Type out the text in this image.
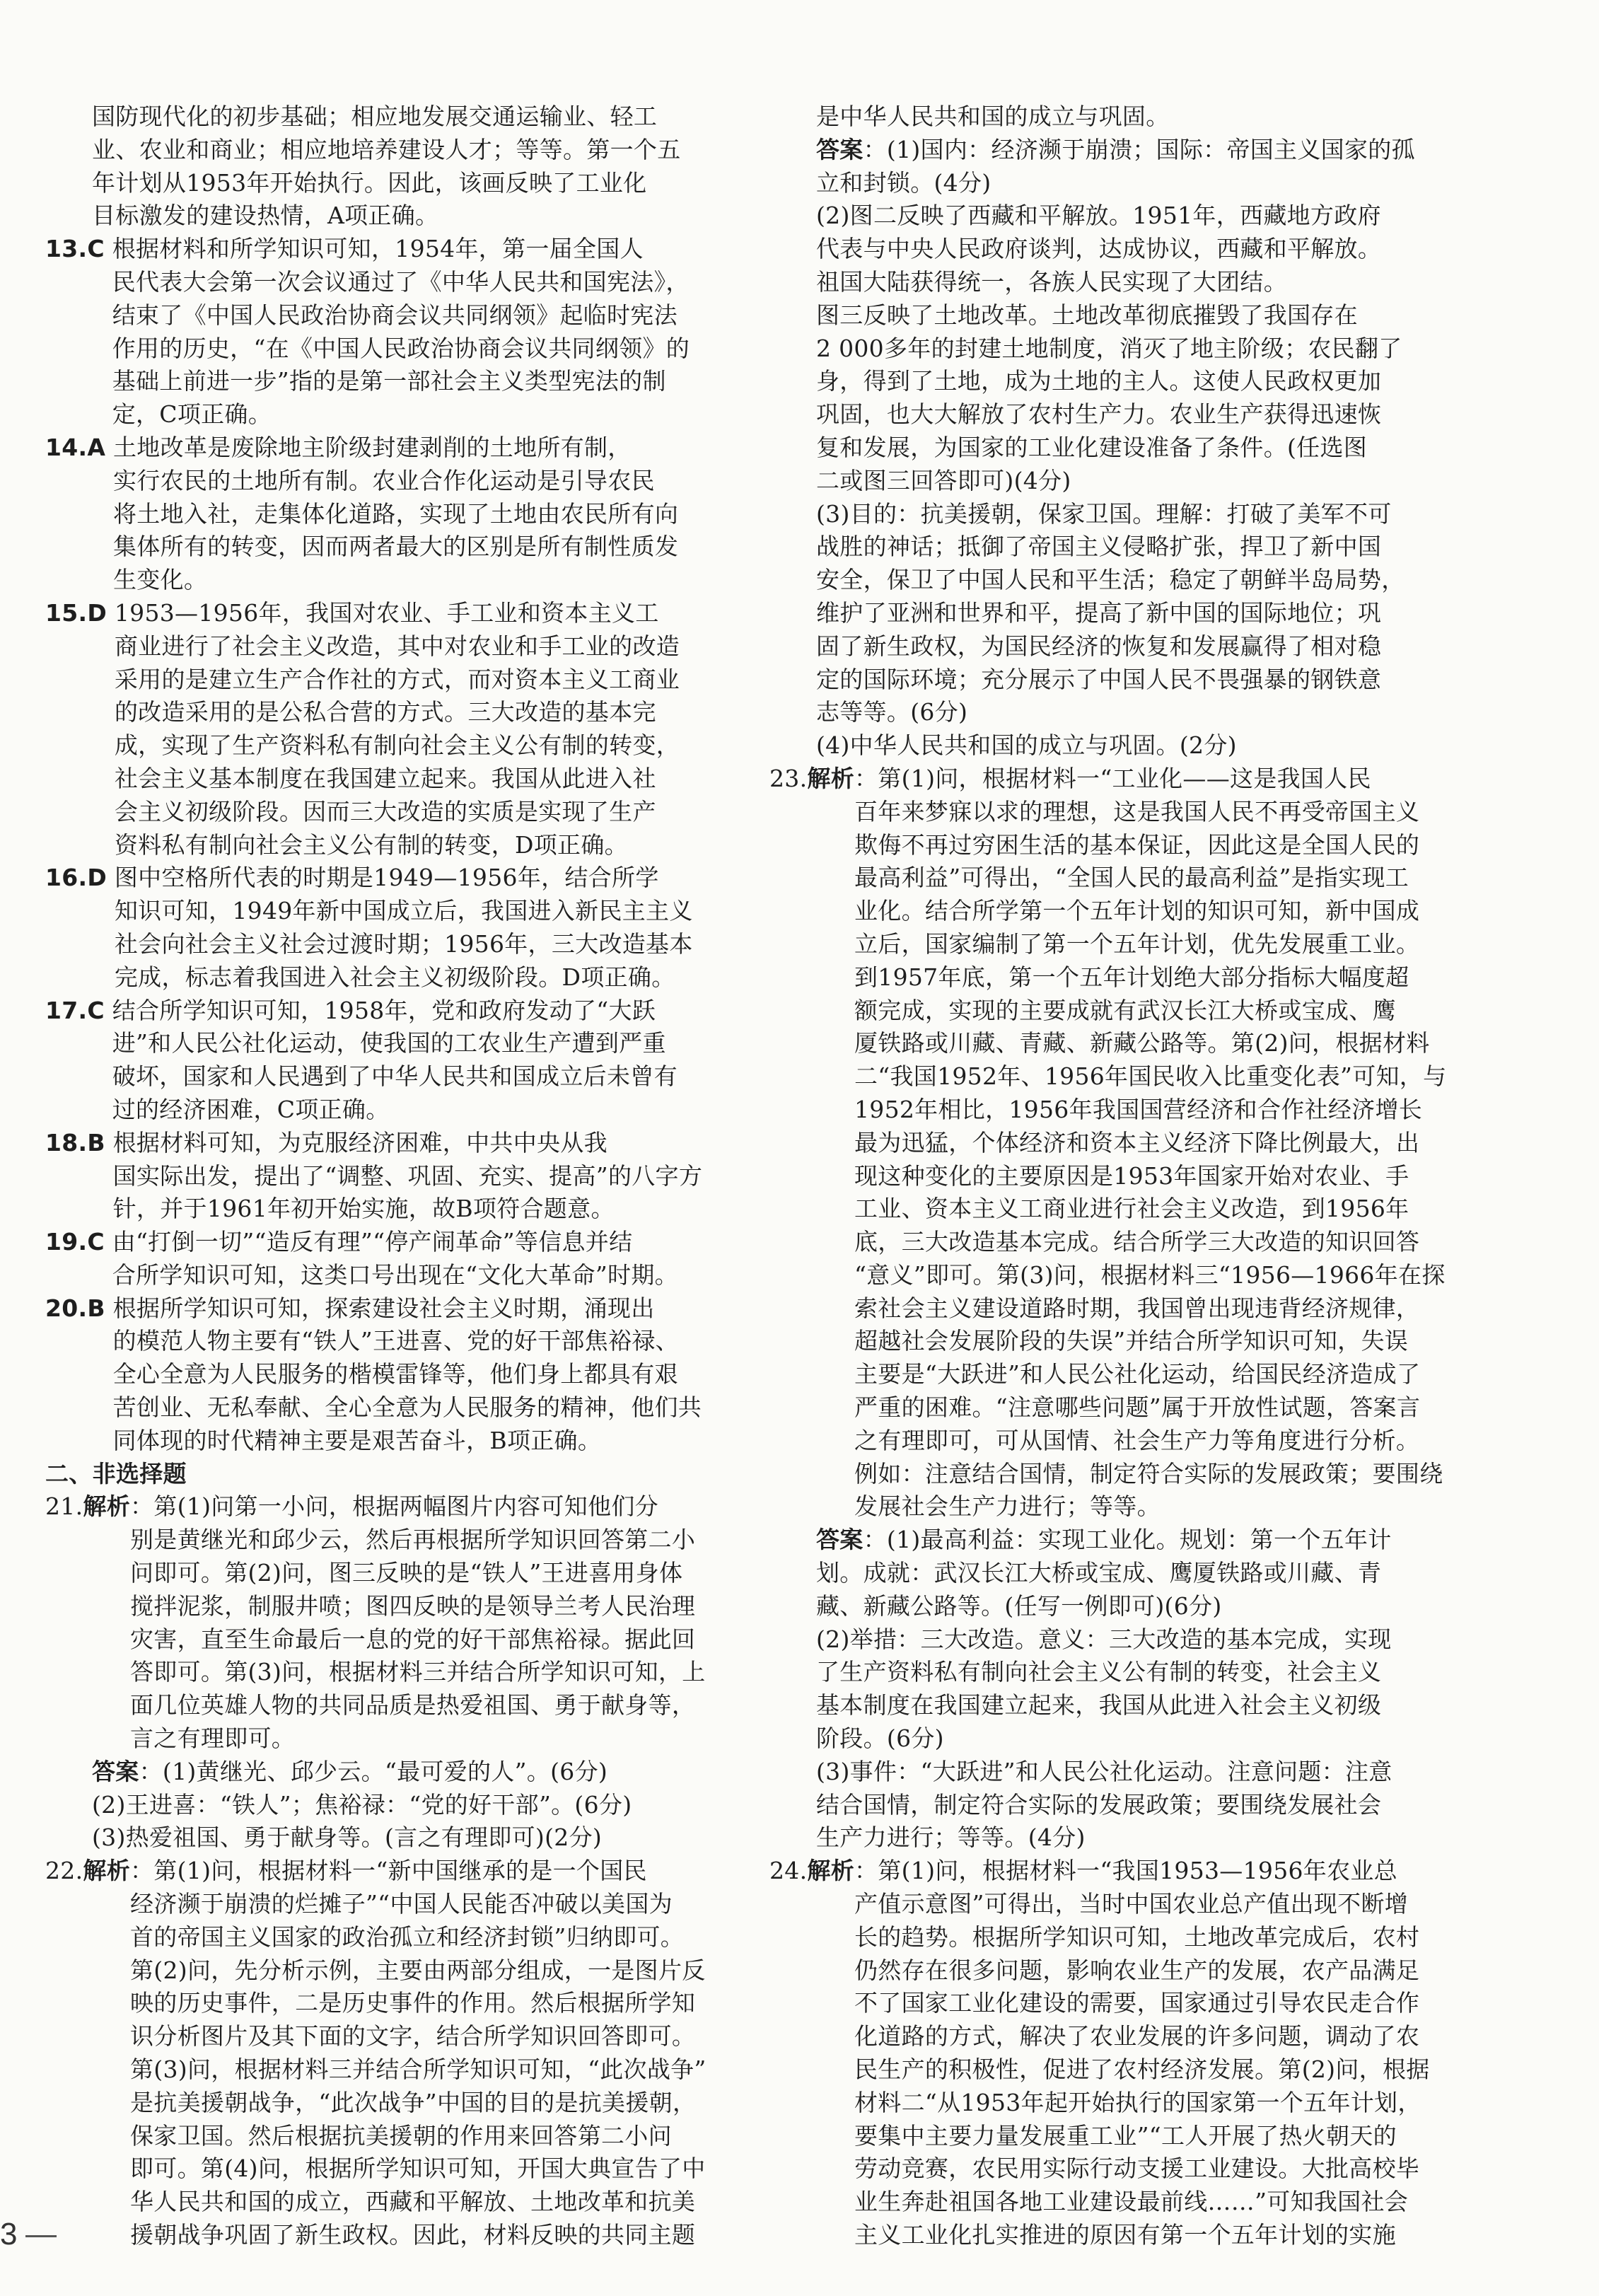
国防现代化的初步基础；相应地发展交通运输业、轻工
业、农业和商业；相应地培养建设人才；等等。第一个五
年计划从1953年开始执行。因此，该画反映了工业化
目标激发的建设热情，A项正确。
13.C 根据材料和所学知识可知，1954年，第一届全国人
民代表大会第一次会议通过了《中华人民共和国宪法》，
结束了《中国人民政治协商会议共同纲领》起临时宪法
作用的历史，“在《中国人民政治协商会议共同纲领》的
基础上前进一步”指的是第一部社会主义类型宪法的制
定，C项正确。
14.A 土地改革是废除地主阶级封建剥削的土地所有制，
实行农民的土地所有制。农业合作化运动是引导农民
将土地入社，走集体化道路，实现了土地由农民所有向
集体所有的转变，因而两者最大的区别是所有制性质发
生变化。
15.D 1953—1956年，我国对农业、手工业和资本主义工
商业进行了社会主义改造，其中对农业和手工业的改造
采用的是建立生产合作社的方式，而对资本主义工商业
的改造采用的是公私合营的方式。三大改造的基本完
成，实现了生产资料私有制向社会主义公有制的转变，
社会主义基本制度在我国建立起来。我国从此进入社
会主义初级阶段。因而三大改造的实质是实现了生产
资料私有制向社会主义公有制的转变，D项正确。
16.D 图中空格所代表的时期是1949—1956年，结合所学
知识可知，1949年新中国成立后，我国进入新民主主义
社会向社会主义社会过渡时期；1956年，三大改造基本
完成，标志着我国进入社会主义初级阶段。D项正确。
17.C 结合所学知识可知，1958年，党和政府发动了“大跃
进”和人民公社化运动，使我国的工农业生产遭到严重
破坏，国家和人民遇到了中华人民共和国成立后未曾有
过的经济困难，C项正确。
18.B 根据材料可知，为克服经济困难，中共中央从我
国实际出发，提出了“调整、巩固、充实、提高”的八字方
针，并于1961年初开始实施，故B项符合题意。
19.C 由“打倒一切”“造反有理”“停产闹革命”等信息并结
合所学知识可知，这类口号出现在“文化大革命”时期。
20.B 根据所学知识可知，探索建设社会主义时期，涌现出
的模范人物主要有“铁人”王进喜、党的好干部焦裕禄、
全心全意为人民服务的楷模雷锋等，他们身上都具有艰
苦创业、无私奉献、全心全意为人民服务的精神，他们共
同体现的时代精神主要是艰苦奋斗，B项正确。
二、非选择题
21.解析 ：第(1)问第一小问，根据两幅图片内容可知他们分
别是黄继光和邱少云，然后再根据所学知识回答第二小
问即可。第(2)问，图三反映的是“铁人”王进喜用身体
搅拌泥浆，制服井喷；图四反映的是领导兰考人民治理
灾害，直至生命最后一息的党的好干部焦裕禄。据此回
答即可。第(3)问，根据材料三并结合所学知识可知，上
面几位英雄人物的共同品质是热爱祖国、勇于献身等，
言之有理即可。
答案：(1)黄继光、邱少云。“最可爱的人”。(6分)
(2)王进喜：“铁人”；焦裕禄：“党的好干部”。(6分)
(3)热爱祖国、勇于献身等。(言之有理即可)(2分)
22.解析 ：第(1)问，根据材料一“新中国继承的是一个国民
经济濒于崩溃的烂摊子”“中国人民能否冲破以美国为
首的帝国主义国家的政治孤立和经济封锁”归纳即可。
第(2)问，先分析示例，主要由两部分组成，一是图片反
映的历史事件，二是历史事件的作用。然后根据所学知
识分析图片及其下面的文字，结合所学知识回答即可。
第(3)问，根据材料三并结合所学知识可知，“此次战争”
是抗美援朝战争，“此次战争”中国的目的是抗美援朝，
保家卫国。然后根据抗美援朝的作用来回答第二小问
即可。第(4)问，根据所学知识可知，开国大典宣告了中
华人民共和国的成立，西藏和平解放、土地改革和抗美
援朝战争巩固了新生政权。因此，材料反映的共同主题
是中华人民共和国的成立与巩固。
答案：(1)国内：经济濒于崩溃；国际：帝国主义国家的孤
立和封锁。(4分)
(2)图二反映了西藏和平解放。1951年，西藏地方政府
代表与中央人民政府谈判，达成协议，西藏和平解放。
祖国大陆获得统一，各族人民实现了大团结。
图三反映了土地改革。土地改革彻底摧毁了我国存在
2 000多年的封建土地制度，消灭了地主阶级；农民翻了
身，得到了土地，成为土地的主人。这使人民政权更加
巩固，也大大解放了农村生产力。农业生产获得迅速恢
复和发展，为国家的工业化建设准备了条件。(任选图
二或图三回答即可)(4分)
(3)目的：抗美援朝，保家卫国。理解：打破了美军不可
战胜的神话；抵御了帝国主义侵略扩张，捍卫了新中国
安全，保卫了中国人民和平生活；稳定了朝鲜半岛局势，
维护了亚洲和世界和平，提高了新中国的国际地位；巩
固了新生政权，为国民经济的恢复和发展赢得了相对稳
定的国际环境；充分展示了中国人民不畏强暴的钢铁意
志等等。(6分)
(4)中华人民共和国的成立与巩固。(2分)
23.解析 ：第(1)问，根据材料一“工业化——这是我国人民
百年来梦寐以求的理想，这是我国人民不再受帝国主义
欺侮不再过穷困生活的基本保证，因此这是全国人民的
最高利益”可得出，“全国人民的最高利益”是指实现工
业化。结合所学第一个五年计划的知识可知，新中国成
立后，国家编制了第一个五年计划，优先发展重工业。
到1957年底，第一个五年计划绝大部分指标大幅度超
额完成，实现的主要成就有武汉长江大桥或宝成、鹰
厦铁路或川藏、青藏、新藏公路等。第(2)问，根据材料
二“我国1952年、1956年国民收入比重变化表”可知，与
1952年相比，1956年我国国营经济和合作社经济增长
最为迅猛，个体经济和资本主义经济下降比例最大，出
现这种变化的主要原因是1953年国家开始对农业、手
工业、资本主义工商业进行社会主义改造，到1956年
底，三大改造基本完成。结合所学三大改造的知识回答
“意义”即可。第(3)问，根据材料三“1956—1966年在探
索社会主义建设道路时期，我国曾出现违背经济规律，
超越社会发展阶段的失误”并结合所学知识可知，失误
主要是“大跃进”和人民公社化运动，给国民经济造成了
严重的困难。“注意哪些问题”属于开放性试题，答案言
之有理即可，可从国情、社会生产力等角度进行分析。
例如：注意结合国情，制定符合实际的发展政策；要围绕
发展社会生产力进行；等等。
答案：(1)最高利益：实现工业化。规划：第一个五年计
划。成就：武汉长江大桥或宝成、鹰厦铁路或川藏、青
藏、新藏公路等。(任写一例即可)(6分)
(2)举措：三大改造。意义：三大改造的基本完成，实现
了生产资料私有制向社会主义公有制的转变，社会主义
基本制度在我国建立起来，我国从此进入社会主义初级
阶段。(6分)
(3)事件：“大跃进”和人民公社化运动。注意问题：注意
结合国情，制定符合实际的发展政策；要围绕发展社会
生产力进行；等等。(4分)
24.解析 ：第(1)问，根据材料一“我国1953—1956年农业总
产值示意图”可得出，当时中国农业总产值出现不断增
长的趋势。根据所学知识可知，土地改革完成后，农村
仍然存在很多问题，影响农业生产的发展，农产品满足
不了国家工业化建设的需要，国家通过引导农民走合作
化道路的方式，解决了农业发展的许多问题，调动了农
民生产的积极性，促进了农村经济发展。第(2)问，根据
材料二“从1953年起开始执行的国家第一个五年计划，
要集中主要力量发展重工业”“工人开展了热火朝天的
劳动竞赛，农民用实际行动支援工业建设。大批高校毕
业生奔赴祖国各地工业建设最前线……”可知我国社会
主义工业化扎实推进的原因有第一个五年计划的实施
3
